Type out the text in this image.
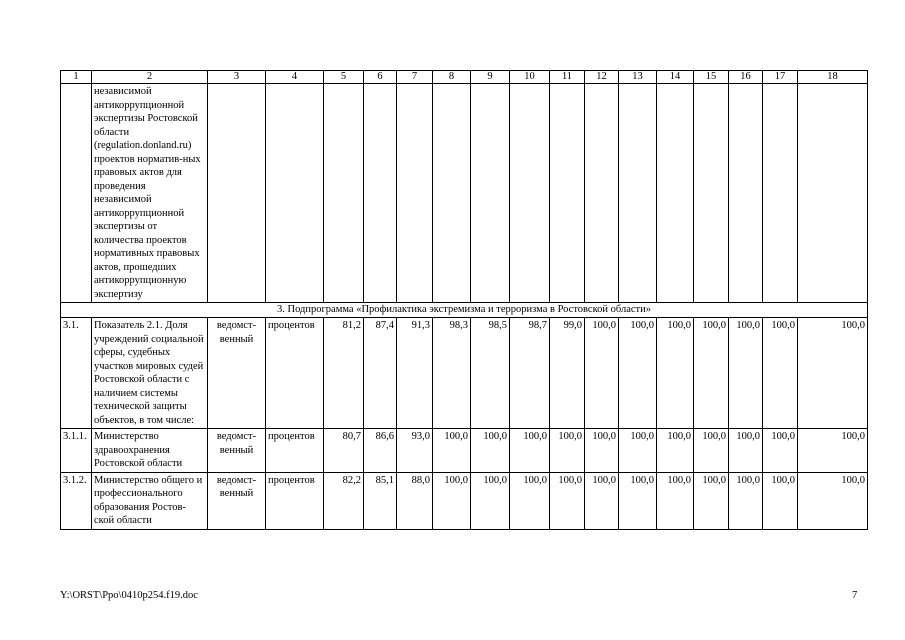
1	2	3	4	5	6	7	8	9	10	11	12	13	14	15	16	17	18
	независимой антикоррупционной экспертизы Ростовской области (regulation.donland.ru) проектов норматив-ных правовых актов для проведения независимой антикоррупционной экспертизы от количества проектов нормативных правовых актов, прошедших антикоррупционную экспертизу																
3. Подпрограмма «Профилактика экстремизма и терроризма в Ростовской области»																	
3.1.	Показатель 2.1. Доля учреждений социальной сферы, судебных участков мировых судей Ростовской области с наличием системы технической защиты объектов, в том числе:	ведомст-венный	процентов	81,2	87,4	91,3	98,3	98,5	98,7	99,0	100,0	100,0	100,0	100,0	100,0	100,0	100,0
3.1.1.	Министерство здравоохранения Ростовской области	ведомст-венный	процентов	80,7	86,6	93,0	100,0	100,0	100,0	100,0	100,0	100,0	100,0	100,0	100,0	100,0	100,0
3.1.2.	Министерство общего и профессионального образования Ростов-ской области	ведомст-венный	процентов	82,2	85,1	88,0	100,0	100,0	100,0	100,0	100,0	100,0	100,0	100,0	100,0	100,0	100,0
Y:\ORST\Ppo\0410p254.f19.doc	7
